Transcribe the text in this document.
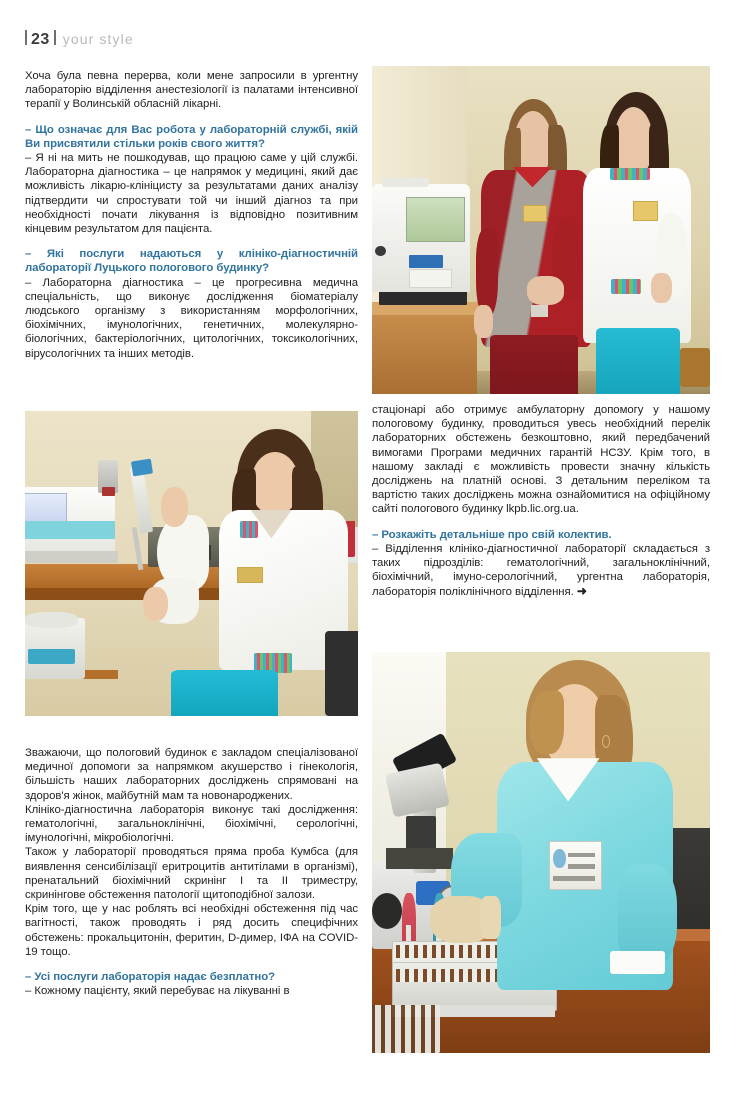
23 your style

Хоча була певна перерва, коли мене запросили в ургентну лабораторію відділення анестезіології із палатами інтенсивної терапії у Волинській обласній лікарні.

– Що означає для Вас робота у лабораторній службі, якій Ви присвятили стільки років свого життя?

– Я ні на мить не пошкодував, що працюю саме у цій службі. Лабораторна діагностика – це напрямок у медицині, який дає можливість лікарю-клініцисту за результатами даних аналізу підтвердити чи спростувати той чи інший діагноз та при необхідності почати лікування із відповідно позитивним кінцевим результатом для пацієнта.

– Які послуги надаються у клініко-діагностичній лабораторії Луцького пологового будинку?

– Лабораторна діагностика – це прогресивна медична спеціальність, що виконує дослідження біоматеріалу людського організму з використанням морфологічних, біохімічних, імунологічних, генетичних, молекулярно-біологічних, бактеріологічних, цитологічних, токсикологічних, вірусологічних та інших методів.

Зважаючи, що пологовий будинок є закладом спеціалізованої медичної допомоги за напрямком акушерство і гінекологія, більшість наших лабораторних досліджень спрямовані на здоров'я жінок, майбутній мам та новонароджених.

Клініко-діагностична лабораторія виконує такі дослідження: гематологічні, загальноклінічні, біохімічні, серологічні, імунологічні, мікробіологічні.

Також у лабораторії проводяться пряма проба Кумбса (для виявлення сенсибілізації еритроцитів антитілами в організмі), пренатальний біохімічний скринінг I та II триместру, скринінгове обстеження патології щитоподібної залози.

Крім того, ще у нас роблять всі необхідні обстеження під час вагітності, також проводять і ряд досить специфічних обстежень: прокальцитонін, феритин, D-димер, ІФА на COVID-19 тощо.

– Усі послуги лабораторія надає безплатно?

– Кожному пацієнту, який перебуває на лікуванні в

стаціонарі або отримує амбулаторну допомогу у нашому пологовому будинку, проводиться увесь необхідний перелік лабораторних обстежень безкоштовно, який передбачений вимогами Програми медичних гарантій НСЗУ. Крім того, в нашому закладі є можливість провести значну кількість досліджень на платній основі. З детальним переліком та вартістю таких досліджень можна ознайомитися на офіційному сайті пологового будинку lkpb.lic.org.ua.

– Розкажіть детальніше про свій колектив.

– Відділення клініко-діагностичної лабораторії складається з таких підрозділів: гематологічний, загальноклінічний, біохімічний, імуно-серологічний, ургентна лабораторія, лабораторія поліклінічного відділення. ➜
